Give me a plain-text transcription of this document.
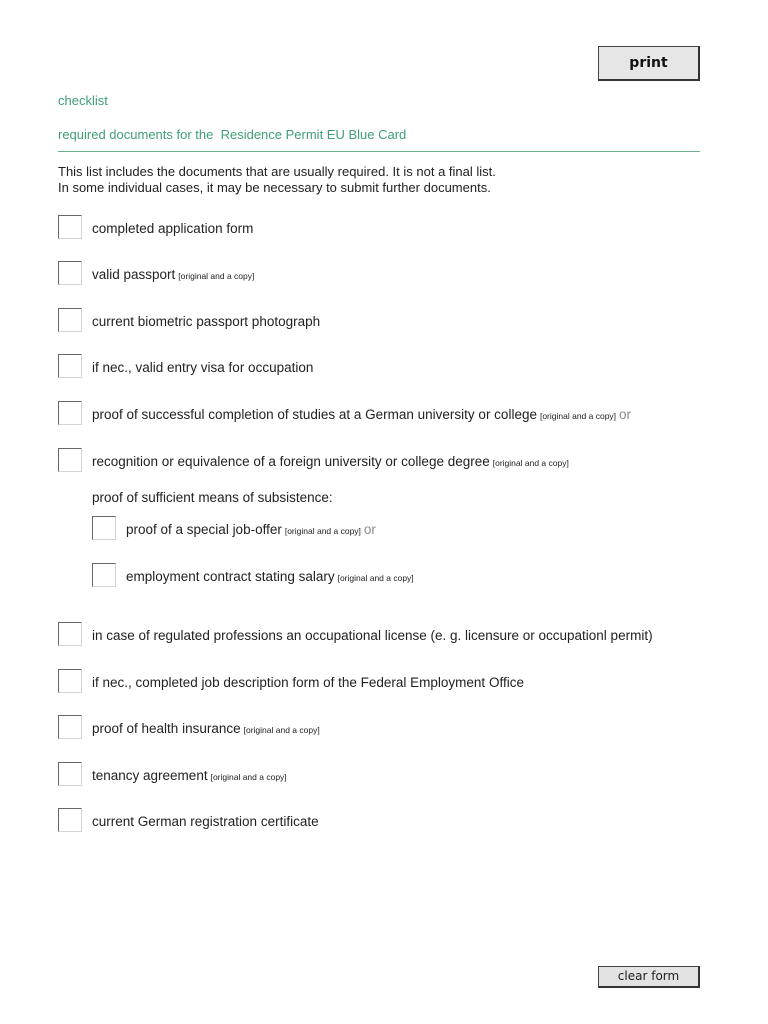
print
checklist
required documents for the  Residence Permit EU Blue Card
This list includes the documents that are usually required. It is not a final list.
In some individual cases, it may be necessary to submit further documents.
completed application form
valid passport [original and a copy]
current biometric passport photograph
if nec., valid entry visa for occupation
proof of successful completion of studies at a German university or college [original and a copy] or
recognition or equivalence of a foreign university or college degree [original and a copy]
proof of sufficient means of subsistence:
proof of a special job-offer [original and a copy] or
employment contract stating salary [original and a copy]
in case of regulated professions an occupational license (e. g. licensure or occupationl permit)
if nec., completed job description form of the Federal Employment Office
proof of health insurance [original and a copy]
tenancy agreement [original and a copy]
current German registration certificate
clear form
